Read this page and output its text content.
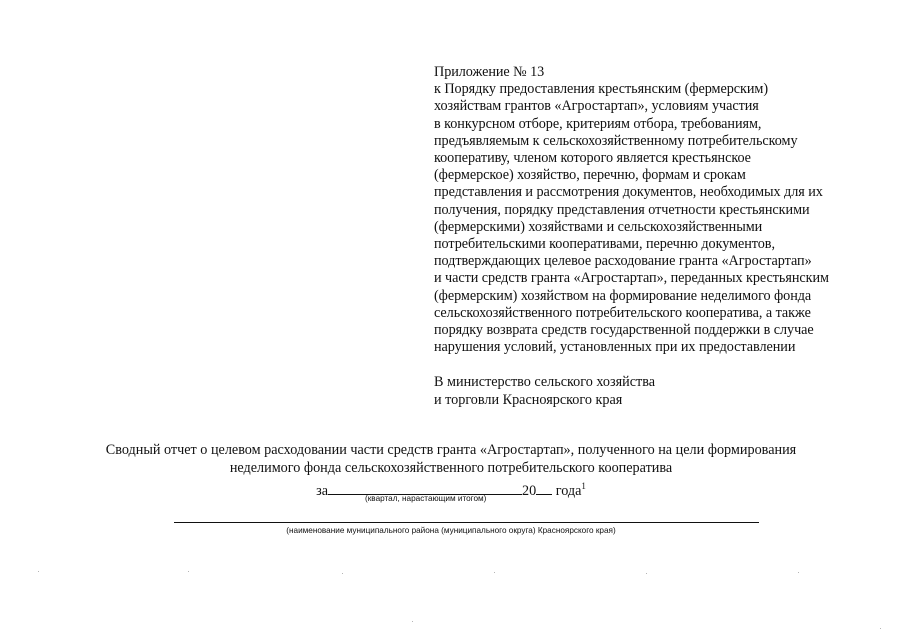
Приложение № 13
к Порядку предоставления крестьянским (фермерским)
хозяйствам грантов «Агростартап», условиям участия
в конкурсном отборе, критериям отбора, требованиям,
предъявляемым к сельскохозяйственному потребительскому
кооперативу, членом которого является крестьянское
(фермерское) хозяйство, перечню, формам и срокам
представления и рассмотрения документов, необходимых для их
получения, порядку представления отчетности крестьянскими
(фермерскими) хозяйствами и сельскохозяйственными
потребительскими кооперативами, перечню документов,
подтверждающих целевое расходование гранта «Агростартап»
и части средств гранта «Агростартап», переданных крестьянским
(фермерским) хозяйством на формирование неделимого фонда
сельскохозяйственного потребительского кооператива, а также
порядку возврата средств государственной поддержки в случае
нарушения условий, установленных при их предоставлении
В министерство сельского хозяйства
и торговли Красноярского края
Сводный отчет о целевом расходовании части средств гранта «Агростартап», полученного на цели формирования
неделимого фонда сельскохозяйственного потребительского кооператива
за	20 года$^1$
(квартал, нарастающим итогом)
(наименование муниципального района (муниципального округа) Красноярского края)
